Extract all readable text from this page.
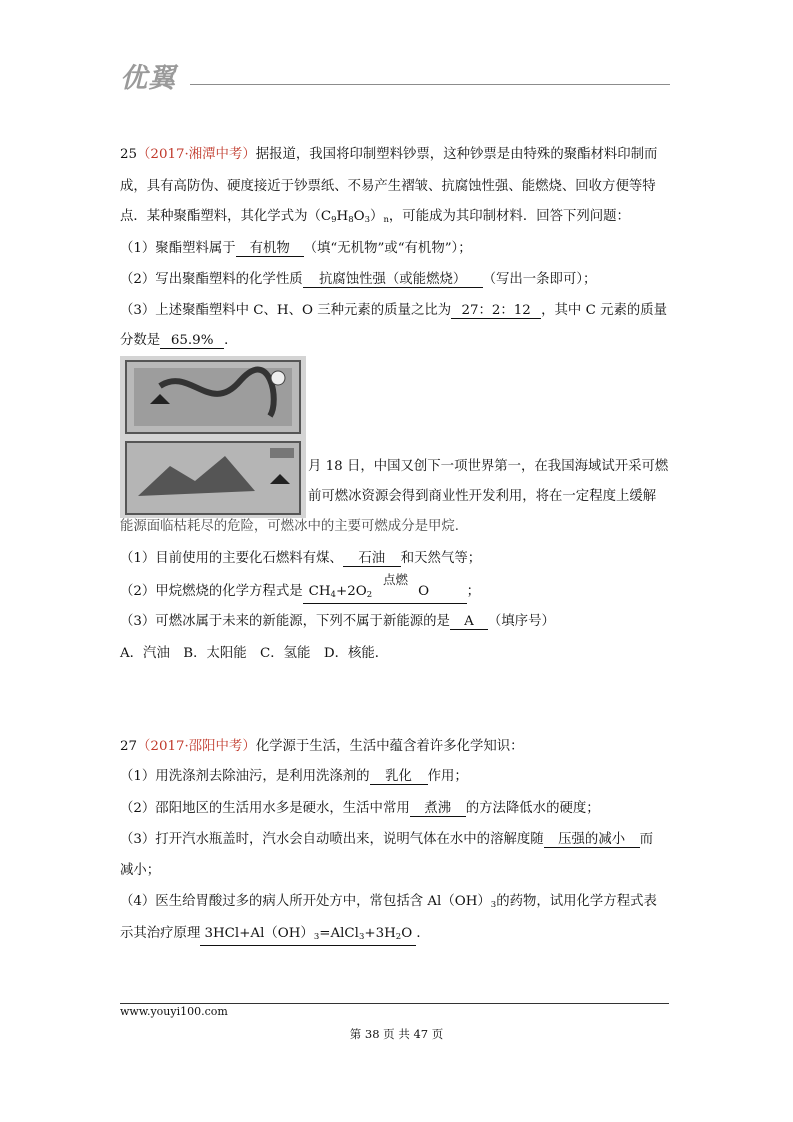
优翼
25（2017·湘潭中考）据报道，我国将印制塑料钞票，这种钞票是由特殊的聚酯材料印制而
成，具有高防伪、硬度接近于钞票纸、不易产生褶皱、抗腐蚀性强、能燃烧、回收方便等特
点．某种聚酯塑料，其化学式为$(C_9H_8O_3)_n$，可能成为其印制材料．回答下列问题：
（1）聚酯塑料属于 有机物 （填“无机物”或“有机物”）；
（2）写出聚酯塑料的化学性质 抗腐蚀性强（或能燃烧） （写出一条即可）；
（3）上述聚酯塑料中 C、H、O 三种元素的质量之比为 27：2：12 ，其中 C 元素的质量
分数是 65.9% ．
月 18 日，中国又创下一项世界第一，在我国海域试开采可燃
前可燃冰资源会得到商业性开发利用，将在一定程度上缓解
能源面临枯耗尽的危险，可燃冰中的主要可燃成分是甲烷．
（1）目前使用的主要化石燃料有煤、 石油 和天然气等；
点燃
（2）甲烷燃烧的化学方程式是 $CH_4+2O_2$	O	；
（3）可燃冰属于未来的新能源，下列不属于新能源的是 A （填序号）
A．汽油　B．太阳能　C．氢能　D．核能．
27（2017·邵阳中考）化学源于生活，生活中蕴含着许多化学知识：
（1）用洗涤剂去除油污，是利用洗涤剂的 乳化 作用；
（2）邵阳地区的生活用水多是硬水，生活中常用 煮沸 的方法降低水的硬度；
（3）打开汽水瓶盖时，汽水会自动喷出来，说明气体在水中的溶解度随 压强的减小 而
减小；
（4）医生给胃酸过多的病人所开处方中，常包括含 $Al(OH)_3$的药物，试用化学方程式表
示其治疗原理 $3HCl+Al(OH)_3=AlCl_3+3H_2O$ ．
www.youyi100.com
第 38 页 共 47 页
